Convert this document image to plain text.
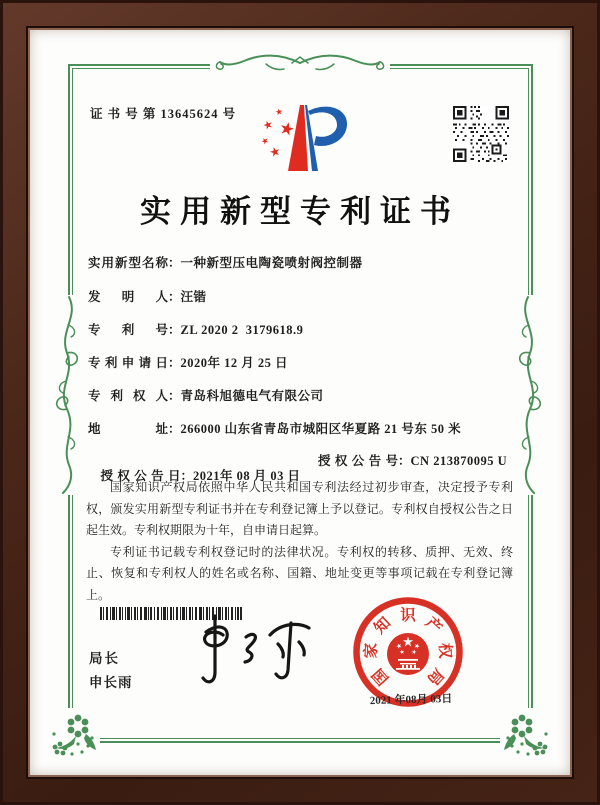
证 书 号 第 13645624 号
实用新型专利证书
实用新型名称：一种新型压电陶瓷喷射阀控制器
发明人：汪锴
专利号：ZL 2020 2  3179618.9
专利申请日：2020年 12 月 25 日
专利权人：青岛科旭德电气有限公司
地址：266000 山东省青岛市城阳区华夏路 21 号东 50 米

授权公告日：2021年 08 月 03 日

授权公告号：CN 213870095 U

国家知识产权局依照中华人民共和国专利法经过初步审查，决定授予专利权，颁发实用新型专利证书并在专利登记簿上予以登记。专利权自授权公告之日起生效。专利权期限为十年，自申请日起算。

专利证书记载专利权登记时的法律状况。专利权的转移、质押、无效、终止、恢复和专利权人的姓名或名称、国籍、地址变更等事项记载在专利登记簿上。

局长
申长雨	国
家
知 识 产
权
局
2021 年08月 03日
